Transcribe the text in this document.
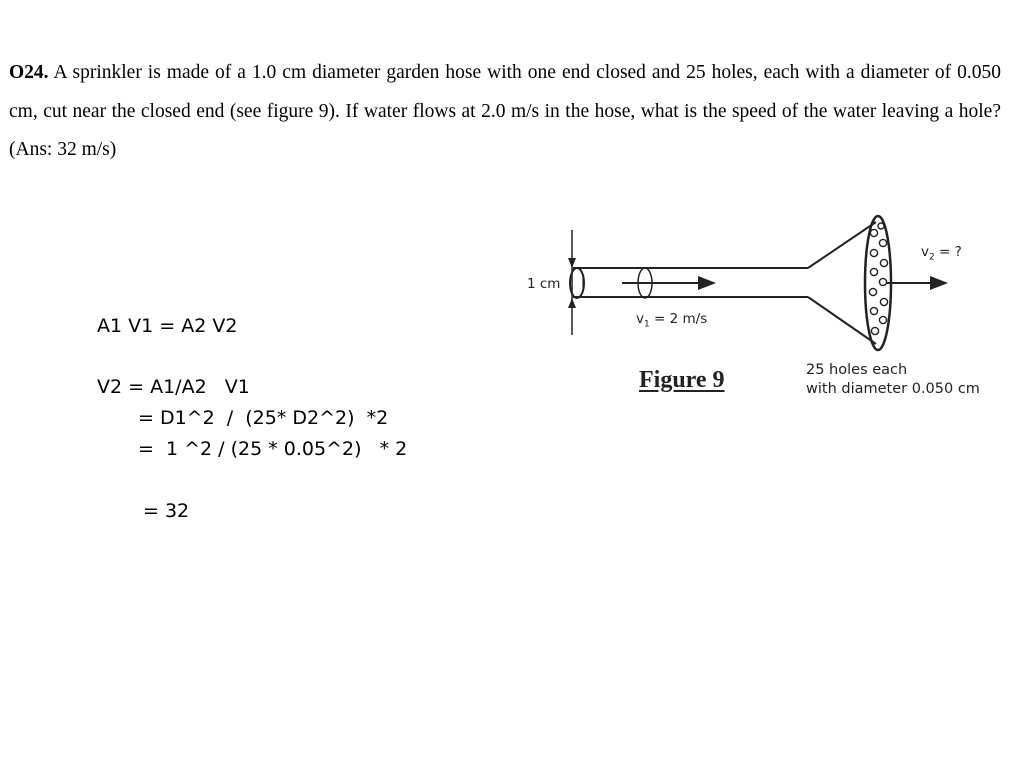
O24. A sprinkler is made of a 1.0 cm diameter garden hose with one end closed and 25 holes, each with a diameter of 0.050 cm, cut near the closed end (see figure 9). If water flows at 2.0 m/s in the hose, what is the speed of the water leaving a hole? (Ans: 32 m/s)

A1 V1 = A2 V2
V2 = A1/A2   V1
= D1^2  /  (25* D2^2)  *2
=  1 ^2 / (25 * 0.05^2)   * 2
= 32
1 cm
$v_1 = 2$ m/s
$v_2$ = ?
Figure 9	25 holes each
with diameter 0.050 cm
